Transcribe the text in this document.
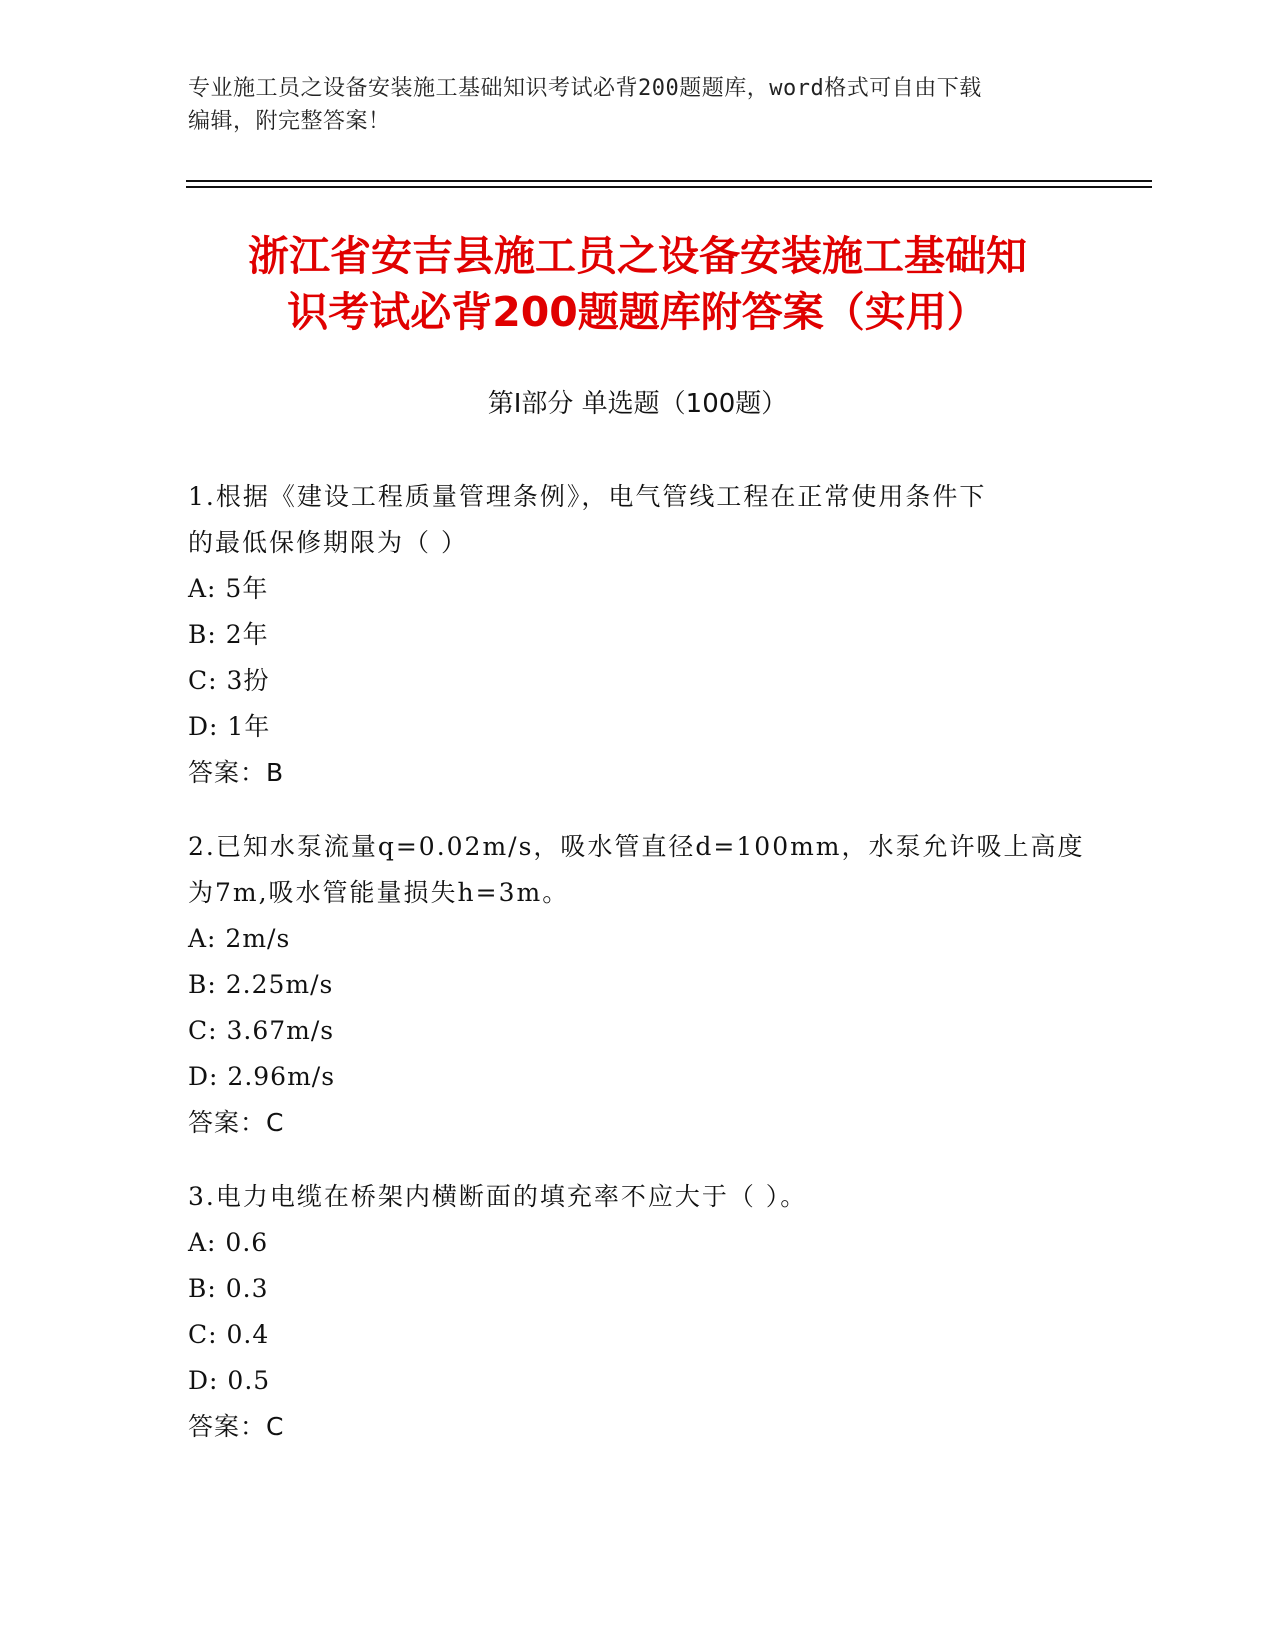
专业施工员之设备安装施工基础知识考试必背200题题库，word格式可自由下载
编辑，附完整答案！
浙江省安吉县施工员之设备安装施工基础知
识考试必背200题题库附答案（实用）
第Ⅰ部分 单选题（100题）
1.根据《建设工程质量管理条例》，电气管线工程在正常使用条件下
的最低保修期限为（ ）
A: 5年
B: 2年
C: 3扮
D: 1年
答案：B
2.已知水泵流量q=0.02m/s，吸水管直径d=100mm，水泵允许吸上高度
为7m,吸水管能量损失h=3m。
A: 2m/s
B: 2.25m/s
C: 3.67m/s
D: 2.96m/s
答案：C
3.电力电缆在桥架内横断面的填充率不应大于（ ）。
A: 0.6
B: 0.3
C: 0.4
D: 0.5
答案：C
